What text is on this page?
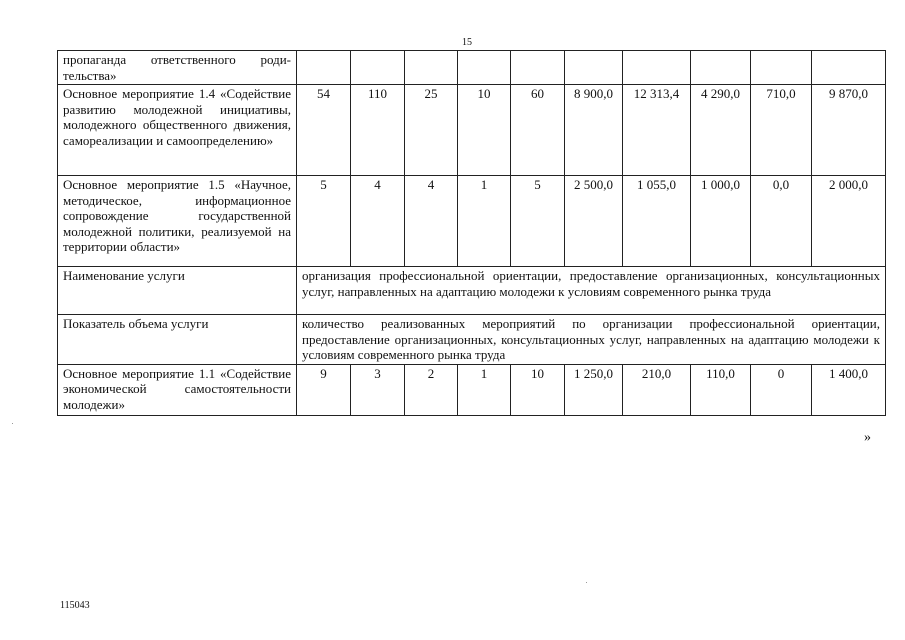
15
пропаганда ответственного родительства»										
Основное мероприятие 1.4 «Содействие развитию молодежной инициативы, молодежного общественного движения, самореализации и самоопределению»	54	110	25	10	60	8 900,0	12 313,4	4 290,0	710,0	9 870,0
Основное мероприятие 1.5 «Научное, методическое, информационное сопровождение государственной молодежной политики, реализуемой на территории области»	5	4	4	1	5	2 500,0	1 055,0	1 000,0	0,0	2 000,0
Наименование услуги	организация профессиональной ориентации, предоставление организационных, консультационных услуг, направленных на адаптацию молодежи к условиям современного рынка труда									
Показатель объема услуги	количество реализованных мероприятий по организации профессиональной ориентации, предоставление организационных, консультационных услуг, направленных на адаптацию молодежи к условиям современного рынка труда									
Основное мероприятие 1.1 «Содействие экономической самостоятельности молодежи»	9	3	2	1	10	1 250,0	210,0	110,0	0	1 400,0
»
115043
